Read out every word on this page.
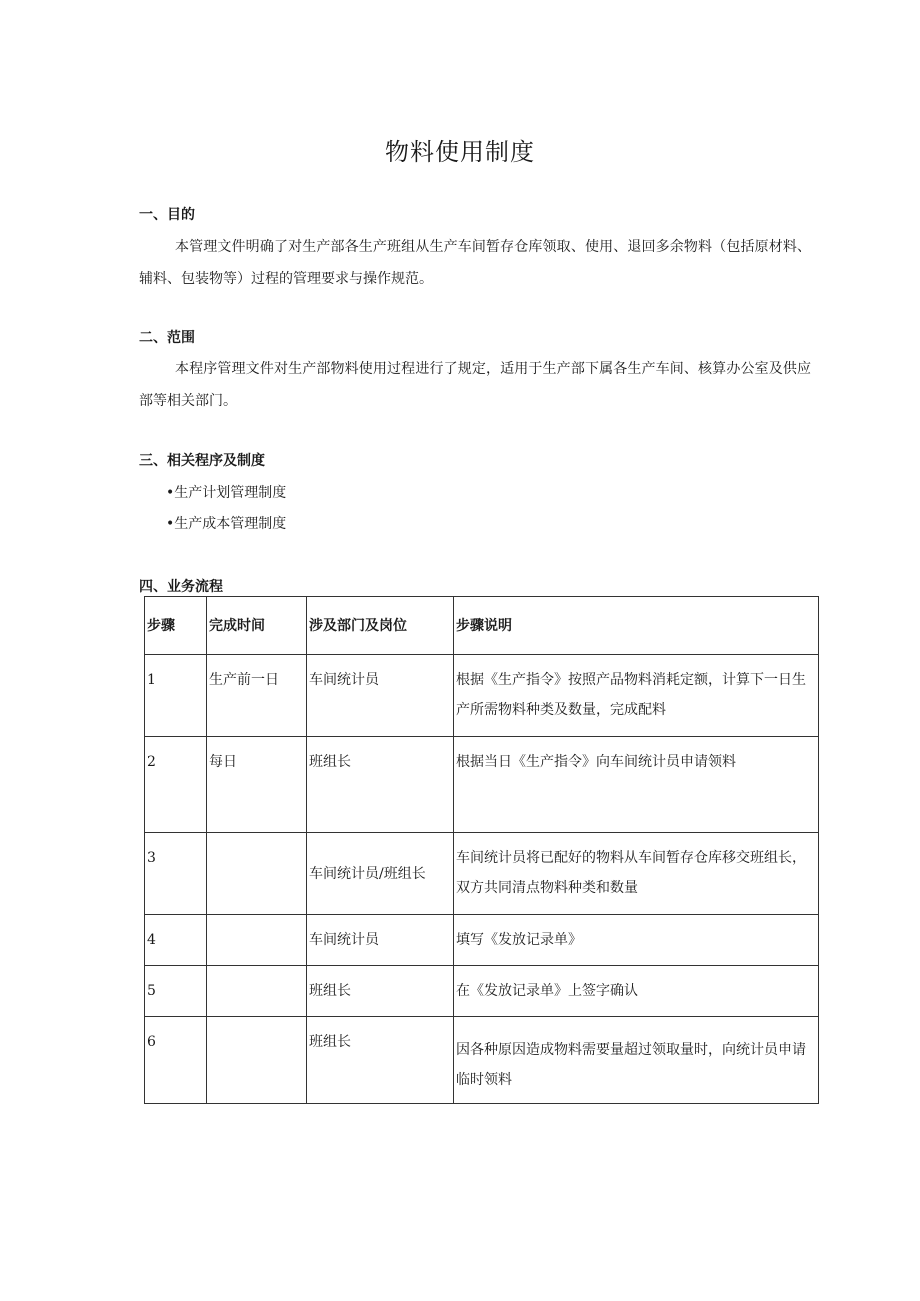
物料使用制度
一、目的
本管理文件明确了对生产部各生产班组从生产车间暂存仓库领取、使用、退回多余物料（包括原材料、辅料、包装物等）过程的管理要求与操作规范。
二、范围
本程序管理文件对生产部物料使用过程进行了规定，适用于生产部下属各生产车间、核算办公室及供应部等相关部门。
三、相关程序及制度
•生产计划管理制度
•生产成本管理制度
四、业务流程
步骤	完成时间	涉及部门及岗位	步骤说明
1	生产前一日	车间统计员	根据《生产指令》按照产品物料消耗定额，计算下一日生产所需物料种类及数量，完成配料
2	每日	班组长	根据当日《生产指令》向车间统计员申请领料
3		车间统计员/班组长	车间统计员将已配好的物料从车间暂存仓库移交班组长，双方共同清点物料种类和数量
4		车间统计员	填写《发放记录单》
5		班组长	在《发放记录单》上签字确认
6		班组长	因各种原因造成物料需要量超过领取量时，向统计员申请临时领料
